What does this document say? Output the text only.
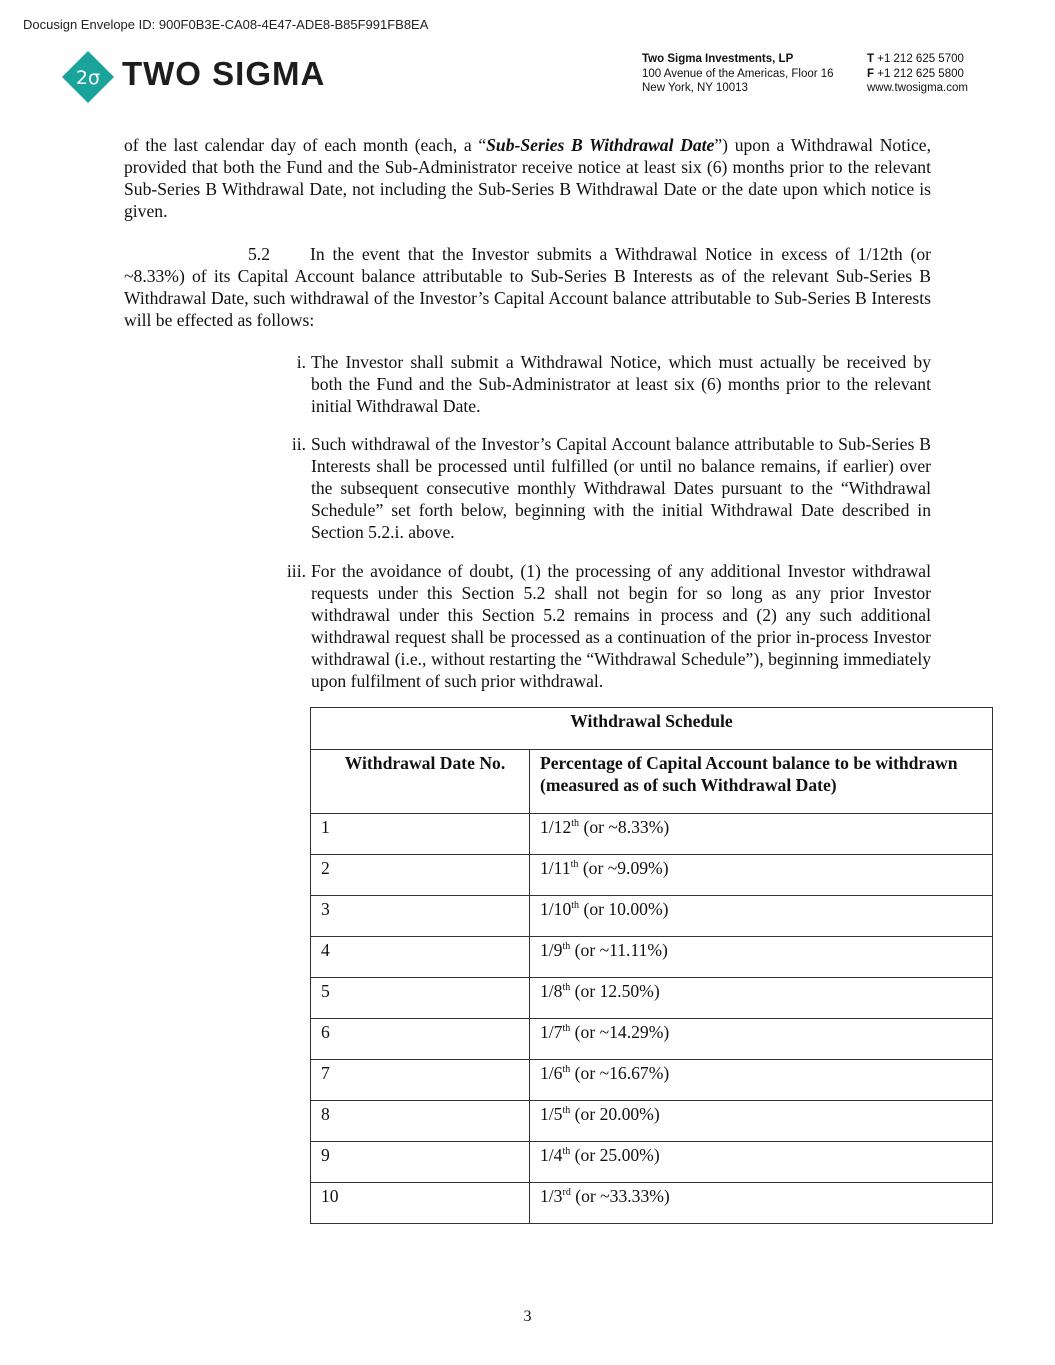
Docusign Envelope ID: 900F0B3E-CA08-4E47-ADE8-B85F991FB8EA
2σ TWO SIGMA	Two Sigma Investments, LP
100 Avenue of the Americas, Floor 16
New York, NY 10013
T +1 212 625 5700
F +1 212 625 5800
www.twosigma.com

of the last calendar day of each month (each, a “Sub-Series B Withdrawal Date”) upon a Withdrawal Notice, provided that both the Fund and the Sub-Administrator receive notice at least six (6) months prior to the relevant Sub-Series B Withdrawal Date, not including the Sub-Series B Withdrawal Date or the date upon which notice is given.

5.2 In the event that the Investor submits a Withdrawal Notice in excess of 1/12th (or ~8.33%) of its Capital Account balance attributable to Sub-Series B Interests as of the relevant Sub-Series B Withdrawal Date, such withdrawal of the Investor’s Capital Account balance attributable to Sub-Series B Interests will be effected as follows:

i. The Investor shall submit a Withdrawal Notice, which must actually be received by both the Fund and the Sub-Administrator at least six (6) months prior to the relevant initial Withdrawal Date.
ii. Such withdrawal of the Investor’s Capital Account balance attributable to Sub-Series B Interests shall be processed until fulfilled (or until no balance remains, if earlier) over the subsequent consecutive monthly Withdrawal Dates pursuant to the “Withdrawal Schedule” set forth below, beginning with the initial Withdrawal Date described in Section 5.2.i. above.
iii. For the avoidance of doubt, (1) the processing of any additional Investor withdrawal requests under this Section 5.2 shall not begin for so long as any prior Investor withdrawal under this Section 5.2 remains in process and (2) any such additional withdrawal request shall be processed as a continuation of the prior in-process Investor withdrawal (i.e., without restarting the “Withdrawal Schedule”), beginning immediately upon fulfilment of such prior withdrawal.
Withdrawal Schedule	
Withdrawal Date No.	Percentage of Capital Account balance to be withdrawn
(measured as of such Withdrawal Date)

1	1/12th (or ~8.33%)
2	1/11th (or ~9.09%)
3	1/10th (or 10.00%)
4	1/9th (or ~11.11%)
5	1/8th (or 12.50%)
6	1/7th (or ~14.29%)
7	1/6th (or ~16.67%)
8	1/5th (or 20.00%)
9	1/4th (or 25.00%)
10	1/3rd (or ~33.33%)
3
